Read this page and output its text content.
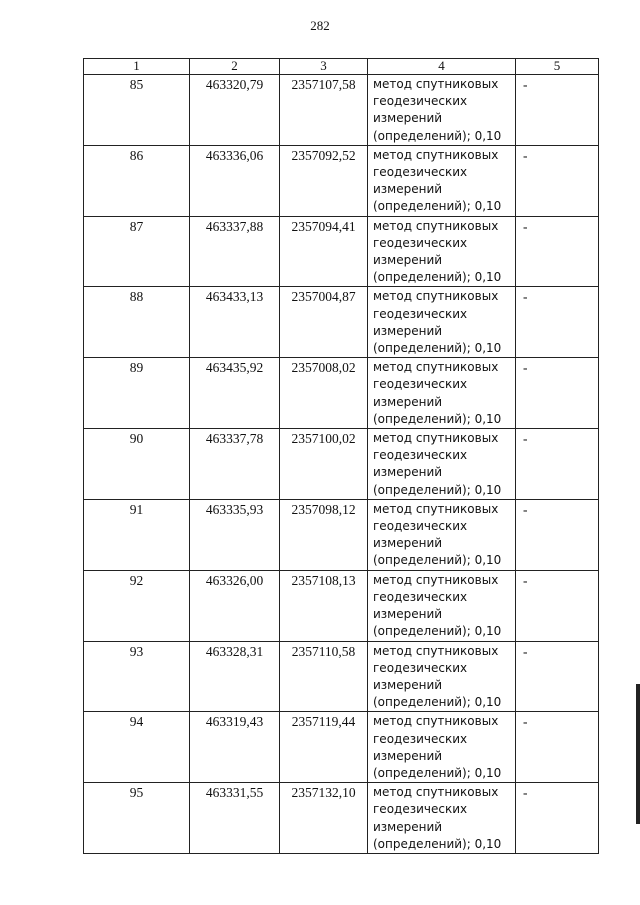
282
1	2	3	4	5
85	463320,79	2357107,58	метод спутниковых
геодезических
измерений
(определений); 0,10	-
86	463336,06	2357092,52	метод спутниковых
геодезических
измерений
(определений); 0,10	-
87	463337,88	2357094,41	метод спутниковых
геодезических
измерений
(определений); 0,10	-
88	463433,13	2357004,87	метод спутниковых
геодезических
измерений
(определений); 0,10	-
89	463435,92	2357008,02	метод спутниковых
геодезических
измерений
(определений); 0,10	-
90	463337,78	2357100,02	метод спутниковых
геодезических
измерений
(определений); 0,10	-
91	463335,93	2357098,12	метод спутниковых
геодезических
измерений
(определений); 0,10	-
92	463326,00	2357108,13	метод спутниковых
геодезических
измерений
(определений); 0,10	-
93	463328,31	2357110,58	метод спутниковых
геодезических
измерений
(определений); 0,10	-
94	463319,43	2357119,44	метод спутниковых
геодезических
измерений
(определений); 0,10	-
95	463331,55	2357132,10	метод спутниковых
геодезических
измерений
(определений); 0,10	-
